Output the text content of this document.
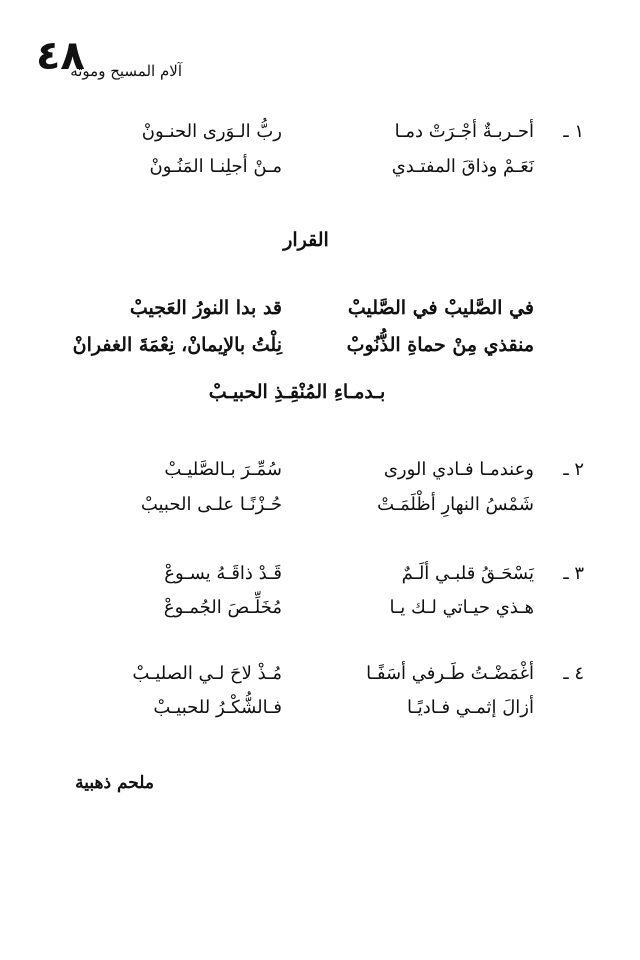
٤٨
آلام المسيح وموته
١ ـ
أحـربـةٌ أجْـرَتْ دمـا
ربُّ الـوَرى الحنـونْ
نَعَـمْ وذاقَ المفتـدي
مـنْ أجلِنـا المَنُـونْ
القرار
في الصَّليبْ في الصَّليبْ
قد بدا النورُ العَجيبْ
منقذي مِنْ حماةِ الذُّنُوبْ
نِلْتُ بالإيمانْ، نِعْمَةَ الغفرانْ
بـدمـاءِ المُنْقِـذِ الحبيـبْ
٢ ـ
وعندمـا فـادي الورى
سُمِّـرَ بـالصَّليـبْ
شَمْسُ النهارِ أظْلَمَـتْ
حُـزْنًـا علـى الحبيبْ
٣ ـ
يَسْحَـقُ قلبـي ألَـمٌ
قَـدْ ذاقَـهُ يسـوعْ
هـذي حيـاتي لـك يـا
مُخَلِّـصَ الجُمـوعْ
٤ ـ
أغْمَضْـتُ طَـرفي أسَفًـا
مُـذْ لاحَ لـي الصليـبْ
أزالَ إثمـي فـاديًـا
فـالشُّكْـرُ للحبيـبْ
ملحم ذهبية
